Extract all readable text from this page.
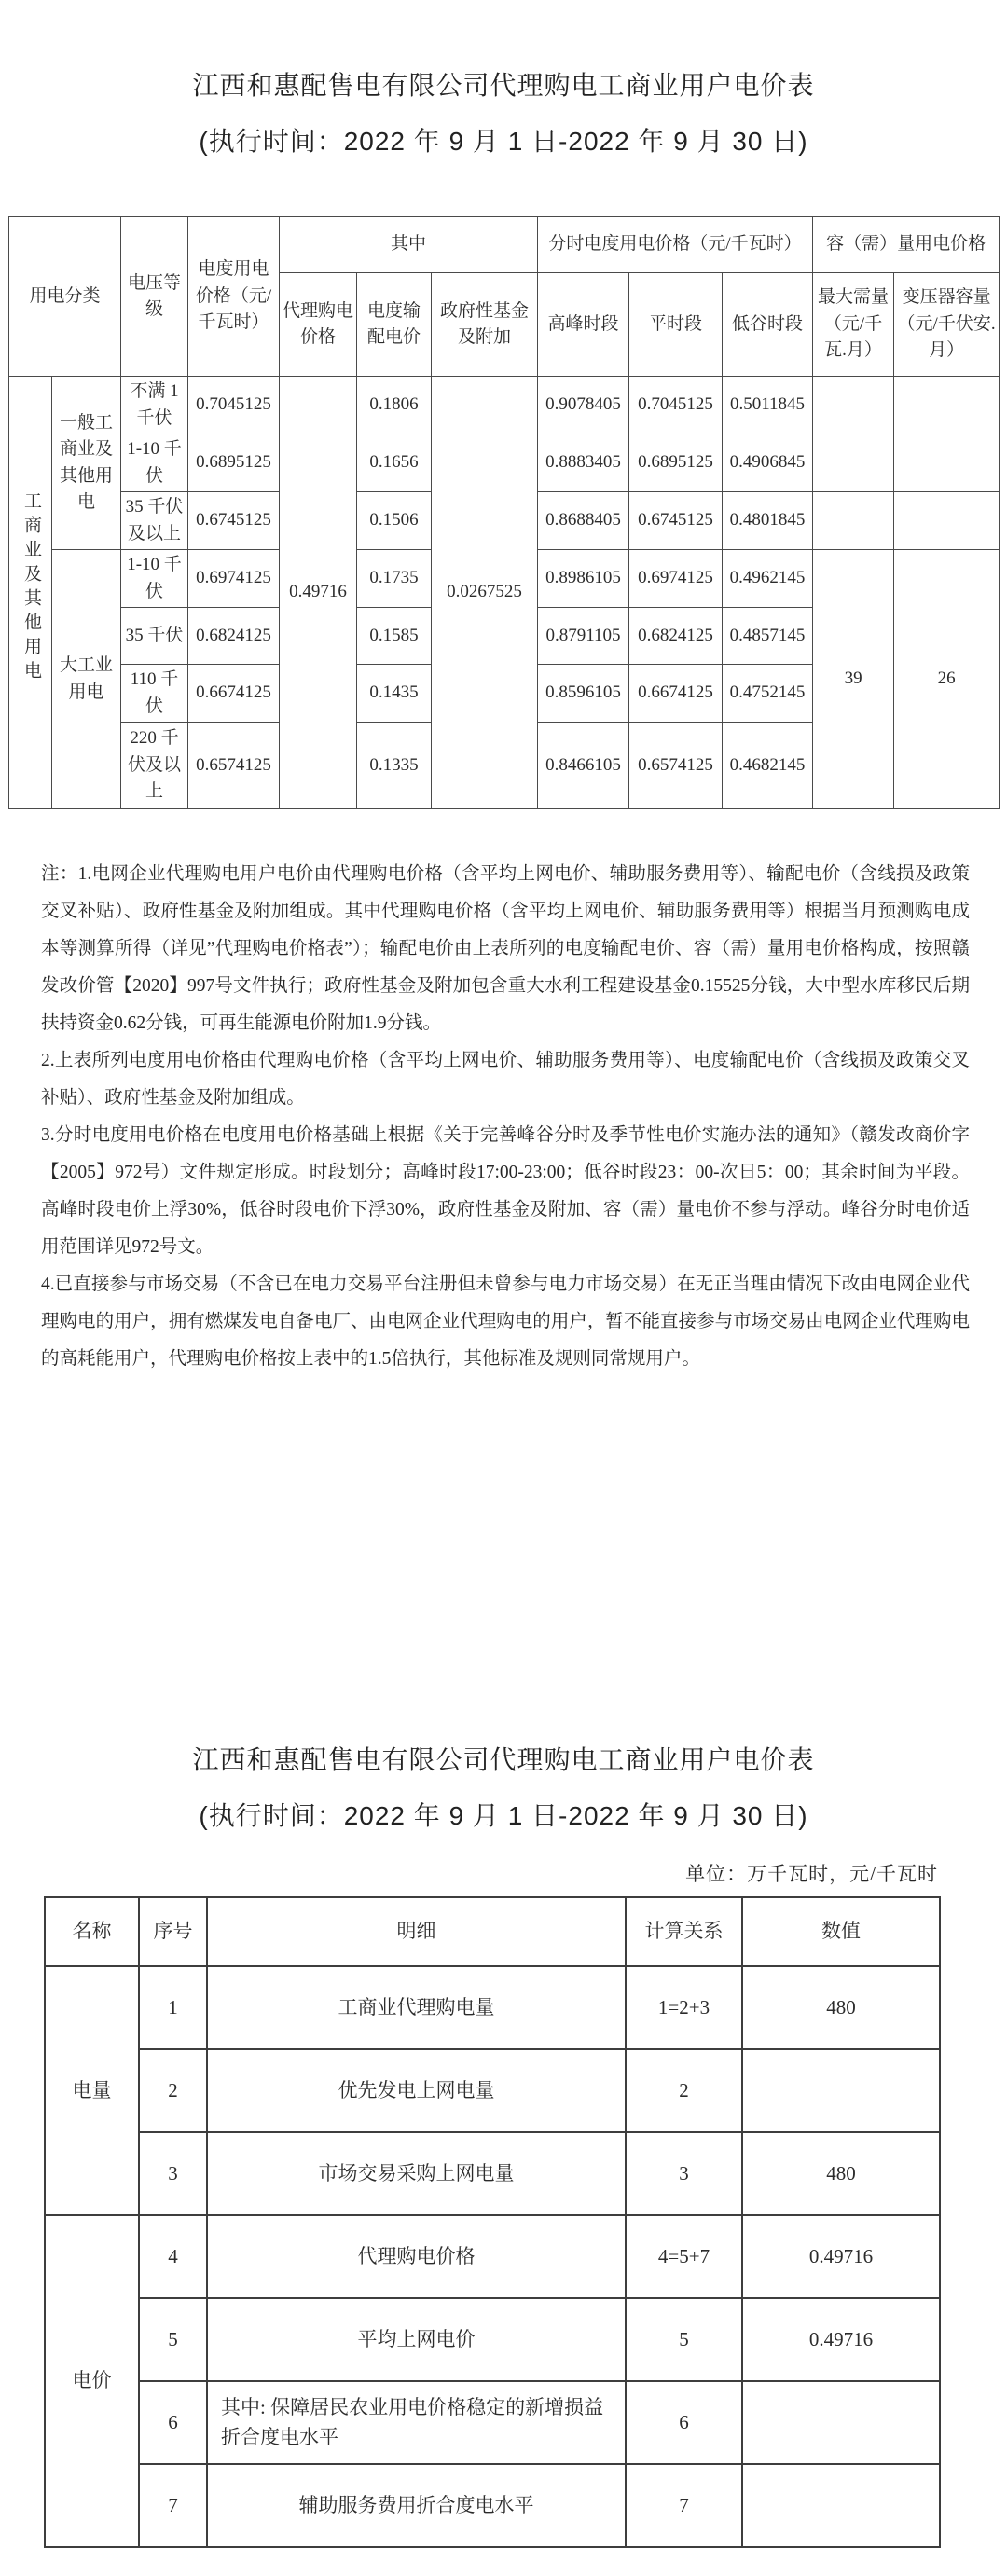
江西和惠配售电有限公司代理购电工商业用户电价表
(执行时间：2022 年 9 月 1 日-2022 年 9 月 30 日)
用电分类		电压等级	电度用电价格（元/千瓦时）	其中			分时电度用电价格（元/千瓦时）			容（需）量用电价格	
				代理购电价格	电度输配电价	政府性基金及附加	高峰时段	平时段	低谷时段	最大需量（元/千瓦.月）	变压器容量（元/千伏安.月）
工商业及其他用电	一般工商业及其他用电	不满 1 千伏	0.7045125	0.49716	0.1806	0.0267525	0.9078405	0.7045125	0.5011845		
		1-10 千伏	0.6895125		0.1656		0.8883405	0.6895125	0.4906845		
		35 千伏及以上	0.6745125		0.1506		0.8688405	0.6745125	0.4801845		
	大工业用电	1-10 千伏	0.6974125		0.1735		0.8986105	0.6974125	0.4962145	39	26
		35 千伏	0.6824125		0.1585		0.8791105	0.6824125	0.4857145		
		110 千伏	0.6674125		0.1435		0.8596105	0.6674125	0.4752145		
		220 千伏及以上	0.6574125		0.1335		0.8466105	0.6574125	0.4682145		

注：1.电网企业代理购电用户电价由代理购电价格（含平均上网电价、辅助服务费用等）、输配电价（含线损及政策交叉补贴）、政府性基金及附加组成。其中代理购电价格（含平均上网电价、辅助服务费用等）根据当月预测购电成本等测算所得（详见”代理购电价格表”）；输配电价由上表所列的电度输配电价、容（需）量用电价格构成，按照赣发改价管【2020】997号文件执行；政府性基金及附加包含重大水利工程建设基金0.15525分钱，大中型水库移民后期扶持资金0.62分钱，可再生能源电价附加1.9分钱。

2.上表所列电度用电价格由代理购电价格（含平均上网电价、辅助服务费用等）、电度输配电价（含线损及政策交叉补贴）、政府性基金及附加组成。

3.分时电度用电价格在电度用电价格基础上根据《关于完善峰谷分时及季节性电价实施办法的通知》（赣发改商价字【2005】972号）文件规定形成。时段划分；高峰时段17:00-23:00；低谷时段23：00-次日5：00；其余时间为平段。高峰时段电价上浮30%，低谷时段电价下浮30%，政府性基金及附加、容（需）量电价不参与浮动。峰谷分时电价适用范围详见972号文。

4.已直接参与市场交易（不含已在电力交易平台注册但未曾参与电力市场交易）在无正当理由情况下改由电网企业代理购电的用户，拥有燃煤发电自备电厂、由电网企业代理购电的用户，暂不能直接参与市场交易由电网企业代理购电的高耗能用户，代理购电价格按上表中的1.5倍执行，其他标准及规则同常规用户。

江西和惠配售电有限公司代理购电工商业用户电价表
(执行时间：2022 年 9 月 1 日-2022 年 9 月 30 日)
单位：万千瓦时，元/千瓦时
名称	序号	明细	计算关系	数值
电量	1	工商业代理购电量	1=2+3	480
	2	优先发电上网电量	2	
	3	市场交易采购上网电量	3	480
电价	4	代理购电价格	4=5+7	0.49716
	5	平均上网电价	5	0.49716
	6	其中: 保障居民农业用电价格稳定的新增损益折合度电水平	6	
	7	辅助服务费用折合度电水平	7	
